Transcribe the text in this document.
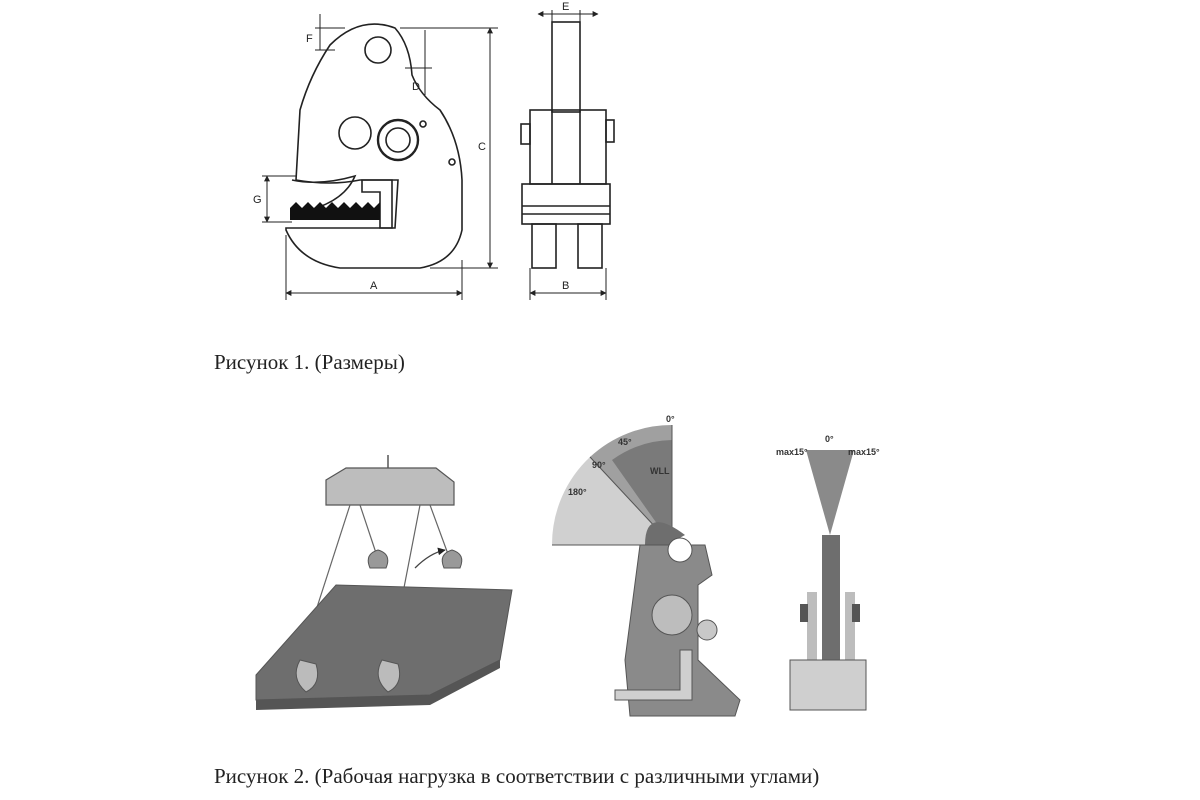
A
C
G
F
D
E
B
0°
45°
90°
180°
WLL
0°
max15°	max15°
Рисунок 1. (Размеры)
Рисунок 2. (Рабочая нагрузка в соответствии с различными углами)
